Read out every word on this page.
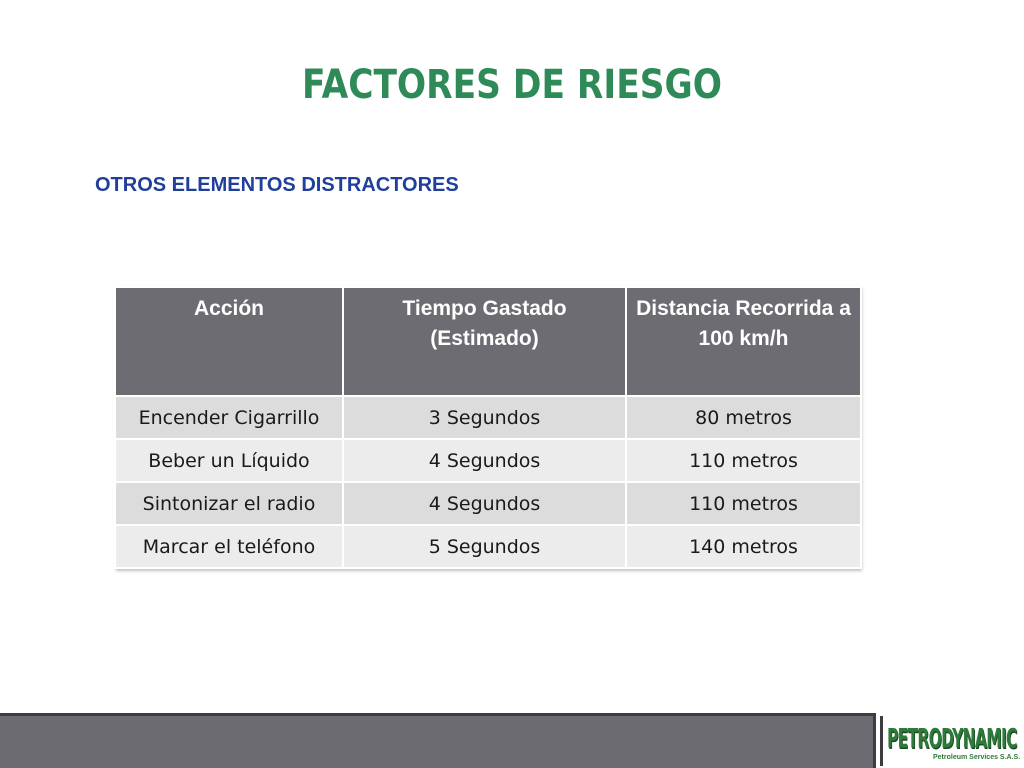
FACTORES DE RIESGO
OTROS ELEMENTOS DISTRACTORES
Acción	Tiempo Gastado (Estimado)	Distancia Recorrida a 100 km/h
Encender Cigarrillo	3 Segundos	80 metros
Beber un Líquido	4 Segundos	110 metros
Sintonizar el radio	4 Segundos	110 metros
Marcar el teléfono	5 Segundos	140 metros
PETRODYNAMIC
Petroleum Services S.A.S.
